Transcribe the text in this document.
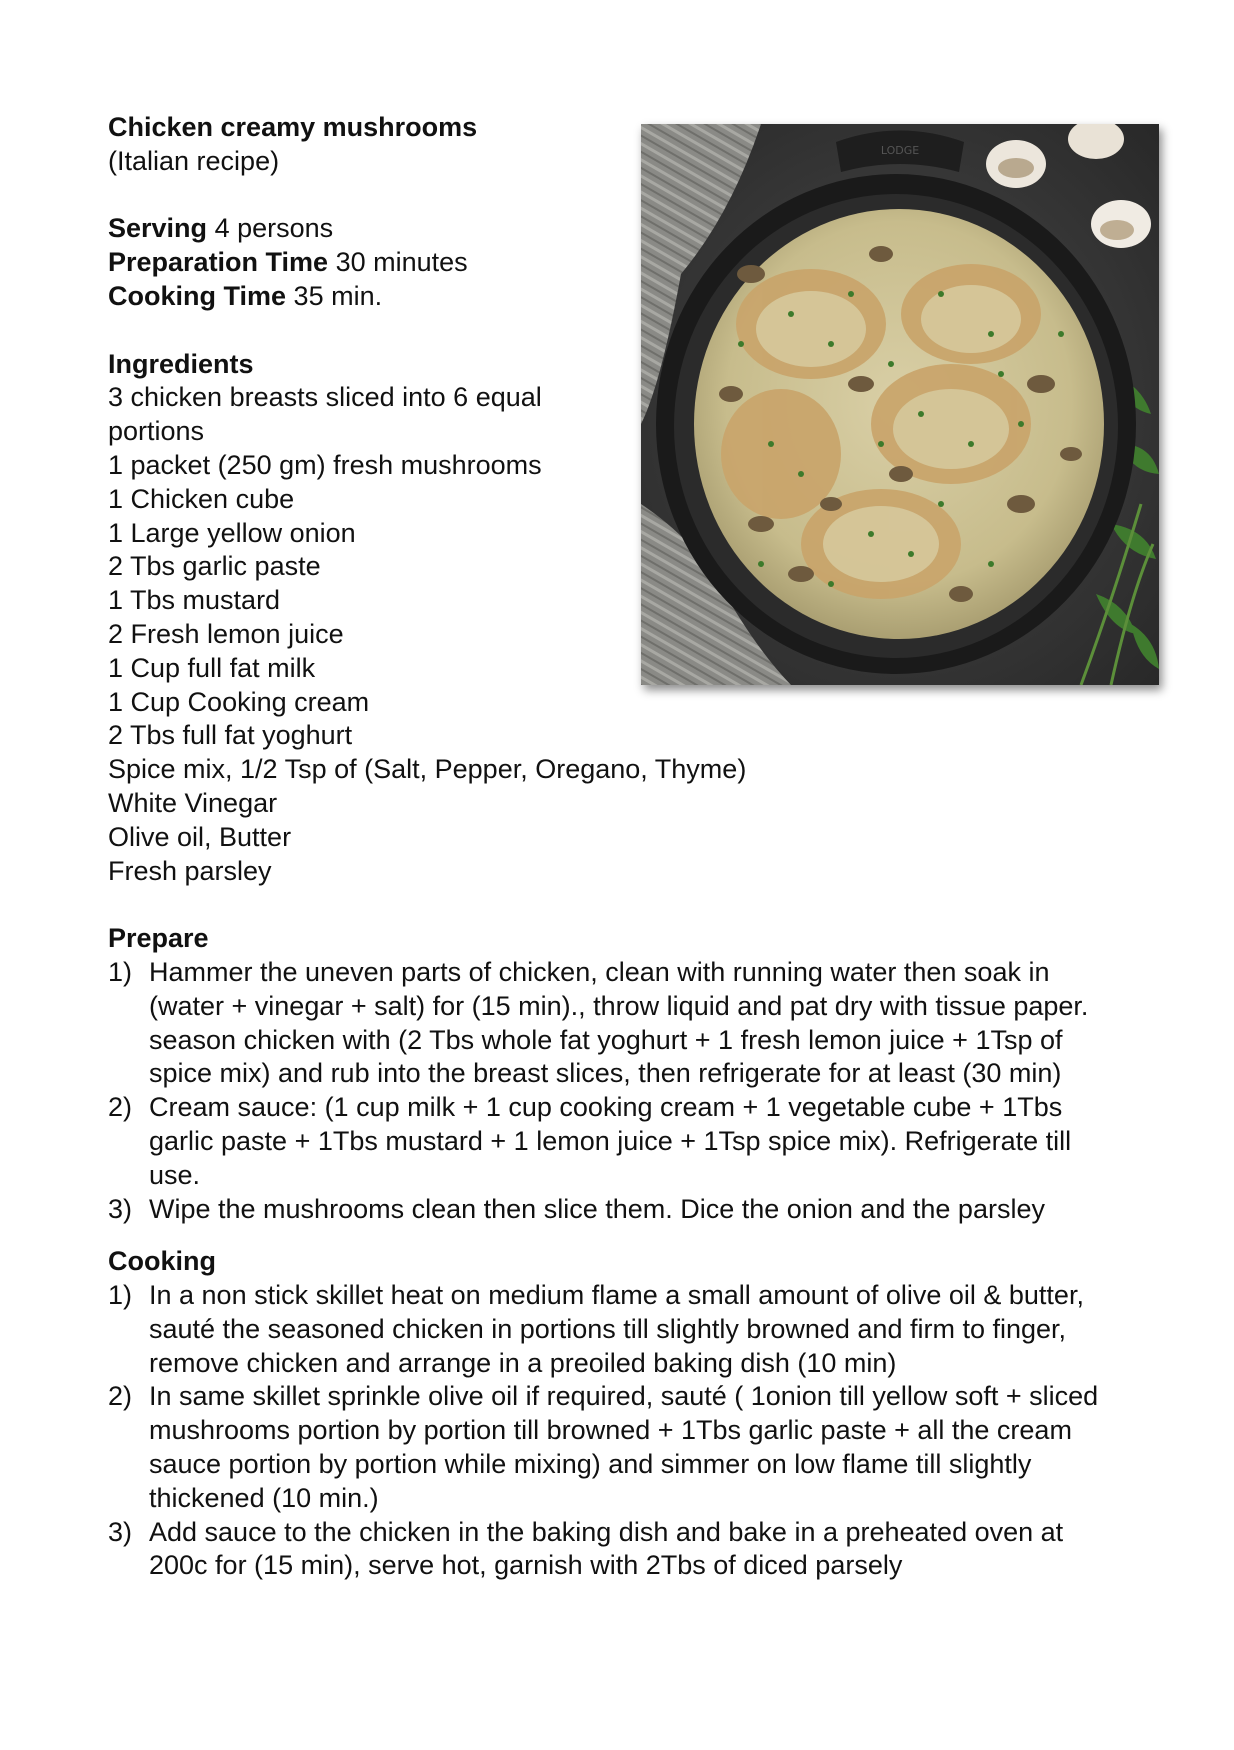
LODGE
Chicken creamy mushrooms
(Italian recipe)
Serving 4 persons
Preparation Time 30 minutes
Cooking Time 35 min.
Ingredients
3 chicken breasts sliced into 6 equal portions
1 packet (250 gm) fresh mushrooms
1 Chicken cube
1 Large yellow onion
2 Tbs garlic paste
1 Tbs mustard
2 Fresh lemon juice
1 Cup full fat milk
1 Cup Cooking cream
2 Tbs full fat yoghurt
Spice mix, 1/2 Tsp of (Salt, Pepper, Oregano, Thyme)
White Vinegar
Olive oil, Butter
Fresh parsley
Prepare
1) Hammer the uneven parts of chicken, clean with running water then soak in (water + vinegar + salt) for (15 min)., throw liquid and pat dry with tissue paper. season chicken with (2 Tbs whole fat yoghurt + 1 fresh lemon juice + 1Tsp of spice mix) and rub into the breast slices, then refrigerate for at least (30 min)
2) Cream sauce: (1 cup milk + 1 cup cooking cream + 1 vegetable cube + 1Tbs garlic paste + 1Tbs mustard + 1 lemon juice + 1Tsp spice mix). Refrigerate till use.
3) Wipe the mushrooms clean then slice them. Dice the onion and the parsley
Cooking
1) In a non stick skillet heat on medium flame a small amount of olive oil & butter, sauté the seasoned chicken in portions till slightly browned and firm to finger, remove chicken and arrange in a preoiled baking dish (10 min)
2) In same skillet sprinkle olive oil if required, sauté ( 1onion till yellow soft + sliced mushrooms portion by portion till browned + 1Tbs garlic paste + all the cream sauce portion by portion while mixing) and simmer on low flame till slightly thickened (10 min.)
3) Add sauce to the chicken in the baking dish and bake in a preheated oven at 200c for (15 min), serve hot, garnish with 2Tbs of diced parsely
